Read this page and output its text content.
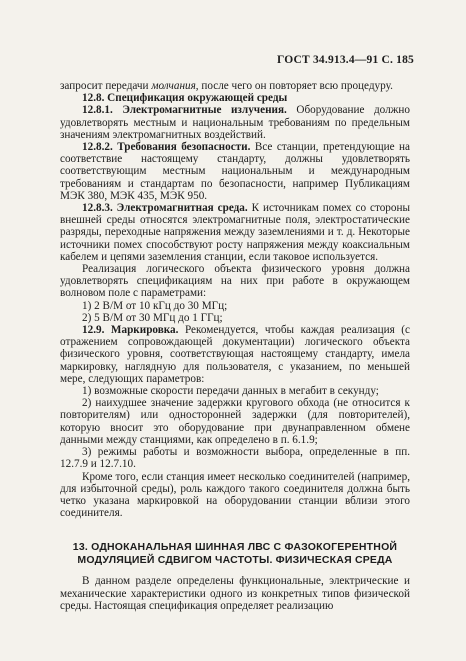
ГОСТ 34.913.4—91 С. 185

запросит передачи молчания, после чего он повторяет всю процедуру.

12.8. Спецификация окружающей среды

12.8.1. Электромагнитные излучения. Оборудование должно удовлетворять местным и национальным требованиям по предельным значениям электромагнитных воздействий.

12.8.2. Требования безопасности. Все станции, претендующие на соответствие настоящему стандарту, должны удовлетворять соответствующим местным национальным и международным требованиям и стандартам по безопасности, например Публикациям МЭК 380, МЭК 435, МЭК 950.

12.8.3. Электромагнитная среда. К источникам помех со стороны внешней среды относятся электромагнитные поля, электростатические разряды, переходные напряжения между заземлениями и т. д. Некоторые источники помех способствуют росту напряжения между коаксиальным кабелем и цепями заземления станции, если таковое используется.

Реализация логического объекта физического уровня должна удовлетворять спецификациям на них при работе в окружающем волновом поле с параметрами:

1) 2 В/М от 10 кГц до 30 МГц;

2) 5 В/М от 30 МГц до 1 ГГц;

12.9. Маркировка. Рекомендуется, чтобы каждая реализация (с отражением сопровождающей документации) логического объекта физического уровня, соответствующая настоящему стандарту, имела маркировку, наглядную для пользователя, с указанием, по меньшей мере, следующих параметров:

1) возможные скорости передачи данных в мегабит в секунду;

2) наихудшее значение задержки кругового обхода (не относится к повторителям) или односторонней задержки (для повторителей), которую вносит это оборудование при двунаправленном обмене данными между станциями, как определено в п. 6.1.9;

3) режимы работы и возможности выбора, определенные в пп. 12.7.9 и 12.7.10.

Кроме того, если станция имеет несколько соединителей (например, для избыточной среды), роль каждого такого соединителя должна быть четко указана маркировкой на оборудовании станции вблизи этого соединителя.

13. ОДНОКАНАЛЬНАЯ ШИННАЯ ЛВС С ФАЗОКОГЕРЕНТНОЙ
МОДУЛЯЦИЕЙ СДВИГОМ ЧАСТОТЫ. ФИЗИЧЕСКАЯ СРЕДА

В данном разделе определены функциональные, электрические и механические характеристики одного из конкретных типов физической среды. Настоящая спецификация определяет реализацию
